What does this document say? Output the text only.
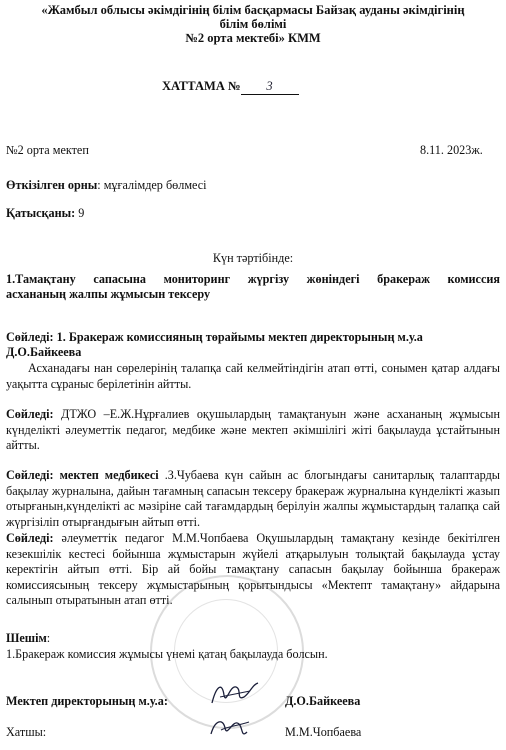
«Жамбыл облысы әкімдігінің білім басқармасы Байзақ ауданы әкімдігінің
білім бөлімі
№2 орта мектебі» КММ
ХАТТАМА № 3
№2 орта мектеп	8.11. 2023ж.
Өткізілген орны: мұғалімдер бөлмесі
Қатысқаны: 9
Күн тәртібінде:
1.Тамақтану сапасына мониторинг жүргізу жөніндегі бракераж комиссия
асхананың жалпы жұмысын тексеру
Сөйледі: 1. Бракераж комиссияның төрайымы мектеп директорының м.у.а
Д.О.Байкеева
Асханадағы нан сөрелерінің талапқа сай келмейтіндігін атап өтті, сонымен қатар алдағы уақытта сұраныс берілетінін айтты.
Сөйледі: ДТЖО –Е.Ж.Нұрғалиев оқушылардың тамақтануын және асхананың жұмысын күнделікті әлеуметтік педагог, медбике және мектеп әкімшілігі жіті бақылауда ұстайтынын айтты.
Сөйледі: мектеп медбикесі .З.Чубаева күн сайын ас блогындағы санитарлық талаптарды бақылау журналына, дайын тағамның сапасын тексеру бракераж журналына күнделікті жазып отырғанын,күнделікті ас мәзіріне сай тағамдардың берілуін жалпы жұмыстардың талапқа сай жүргізіліп отырғандығын айтып өтті.
Сөйледі: әлеуметтік педагог М.М.Чопбаева Оқушылардың тамақтану кезінде бекітілген кезекшілік кестесі бойынша жұмыстарын жүйелі атқарылуын толықтай бақылауда ұстау керектігін айтып өтті. Бір ай бойы тамақтану сапасын бақылау бойынша бракераж комиссиясының тексеру жұмыстарының қорытындысы «Мектепт тамақтану» айдарына салынып отыратынын атап өтті.
Шешім:
1.Бракераж комиссия жұмысы үнемі қатаң бақылауда болсын.
Мектеп директорының м.у.а:	Д.О.Байкеева
Хатшы:	М.М.Чопбаева
